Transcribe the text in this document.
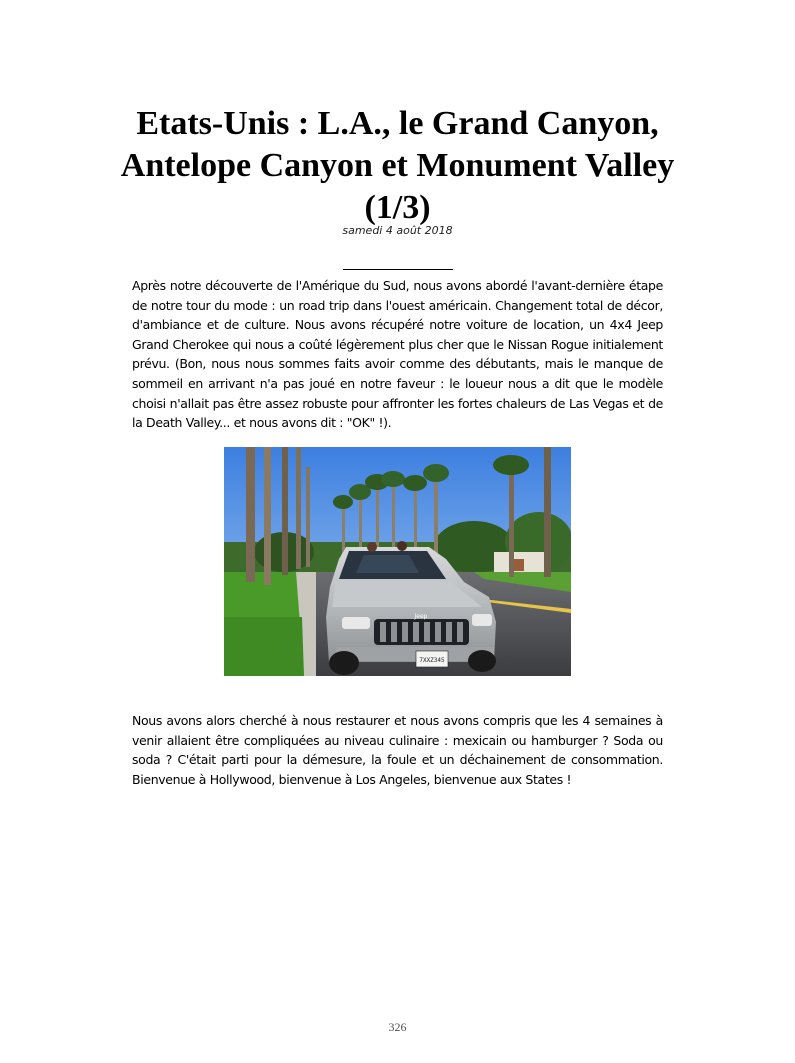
Etats-Unis : L.A., le Grand Canyon, Antelope Canyon et Monument Valley (1/3)
samedi 4 août 2018

Après notre découverte de l'Amérique du Sud, nous avons abordé l'avant-dernière étape de notre tour du mode : un road trip dans l'ouest américain. Changement total de décor, d'ambiance et de culture. Nous avons récupéré notre voiture de location, un 4x4 Jeep Grand Cherokee qui nous a coûté légèrement plus cher que le Nissan Rogue initialement prévu. (Bon, nous nous sommes faits avoir comme des débutants, mais le manque de sommeil en arrivant n'a pas joué en notre faveur : le loueur nous a dit que le modèle choisi n'allait pas être assez robuste pour affronter les fortes chaleurs de Las Vegas et de la Death Valley... et nous avons dit : "OK" !).

Jeep
7XXZ345

Nous avons alors cherché à nous restaurer et nous avons compris que les 4 semaines à venir allaient être compliquées au niveau culinaire : mexicain ou hamburger ? Soda ou soda ? C'était parti pour la démesure, la foule et un déchainement de consommation. Bienvenue à Hollywood, bienvenue à Los Angeles, bienvenue aux States !

326
